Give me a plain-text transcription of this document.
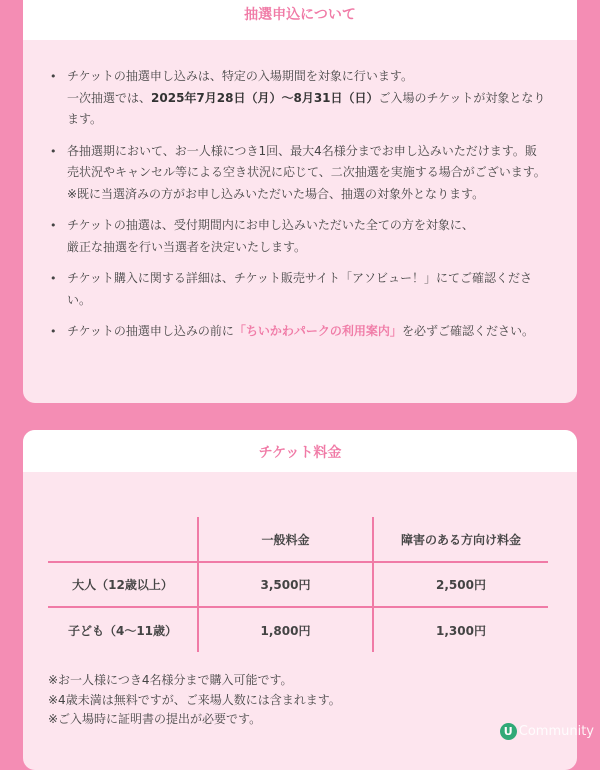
抽選申込について
• チケットの抽選申し込みは、特定の入場期間を対象に行います。
一次抽選では、2025年7月28日（月）～8月31日（日）ご入場のチケットが対象となります。
• 各抽選期において、お一人様につき1回、最大4名様分までお申し込みいただけます。販売状況やキャンセル等による空き状況に応じて、二次抽選を実施する場合がございます。
※既に当選済みの方がお申し込みいただいた場合、抽選の対象外となります。
• チケットの抽選は、受付期間内にお申し込みいただいた全ての方を対象に、
厳正な抽選を行い当選者を決定いたします。
• チケット購入に関する詳細は、チケット販売サイト「アソビュー！」にてご確認ください。
• チケットの抽選申し込みの前に「ちいかわパークの利用案内」を必ずご確認ください。
チケット料金
	一般料金	障害のある方向け料金
大人（12歳以上）	3,500円	2,500円
子ども（4～11歳）	1,800円	1,300円
※お一人様につき4名様分まで購入可能です。
※4歳未満は無料ですが、ご来場人数には含まれます。
※ご入場時に証明書の提出が必要です。
U Community
